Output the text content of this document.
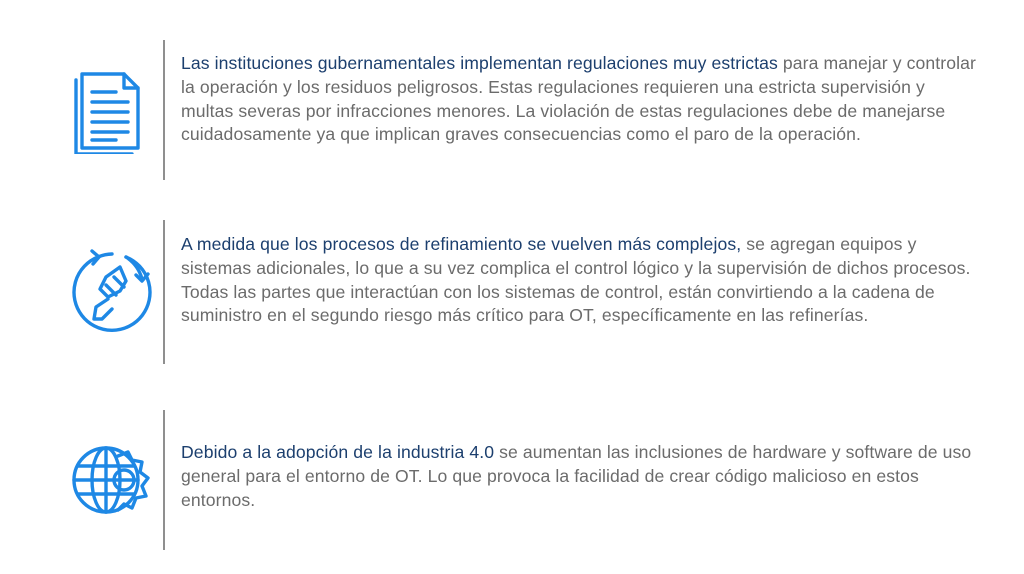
Las instituciones gubernamentales implementan regulaciones muy estrictas para manejar y controlar la operación y los residuos peligrosos. Estas regulaciones requieren una estricta supervisión y multas severas por infracciones menores. La violación de estas regulaciones debe de manejarse cuidadosamente ya que implican graves consecuencias como el paro de la operación.
A medida que los procesos de refinamiento se vuelven más complejos, se agregan equipos y sistemas adicionales, lo que a su vez complica el control lógico y la supervisión de dichos procesos. Todas las partes que interactúan con los sistemas de control, están convirtiendo a la cadena de suministro en el segundo riesgo más crítico para OT, específicamente en las refinerías.
Debido a la adopción de la industria 4.0 se aumentan las inclusiones de hardware y software de uso general para el entorno de OT. Lo que provoca la facilidad de crear código malicioso en estos entornos.
